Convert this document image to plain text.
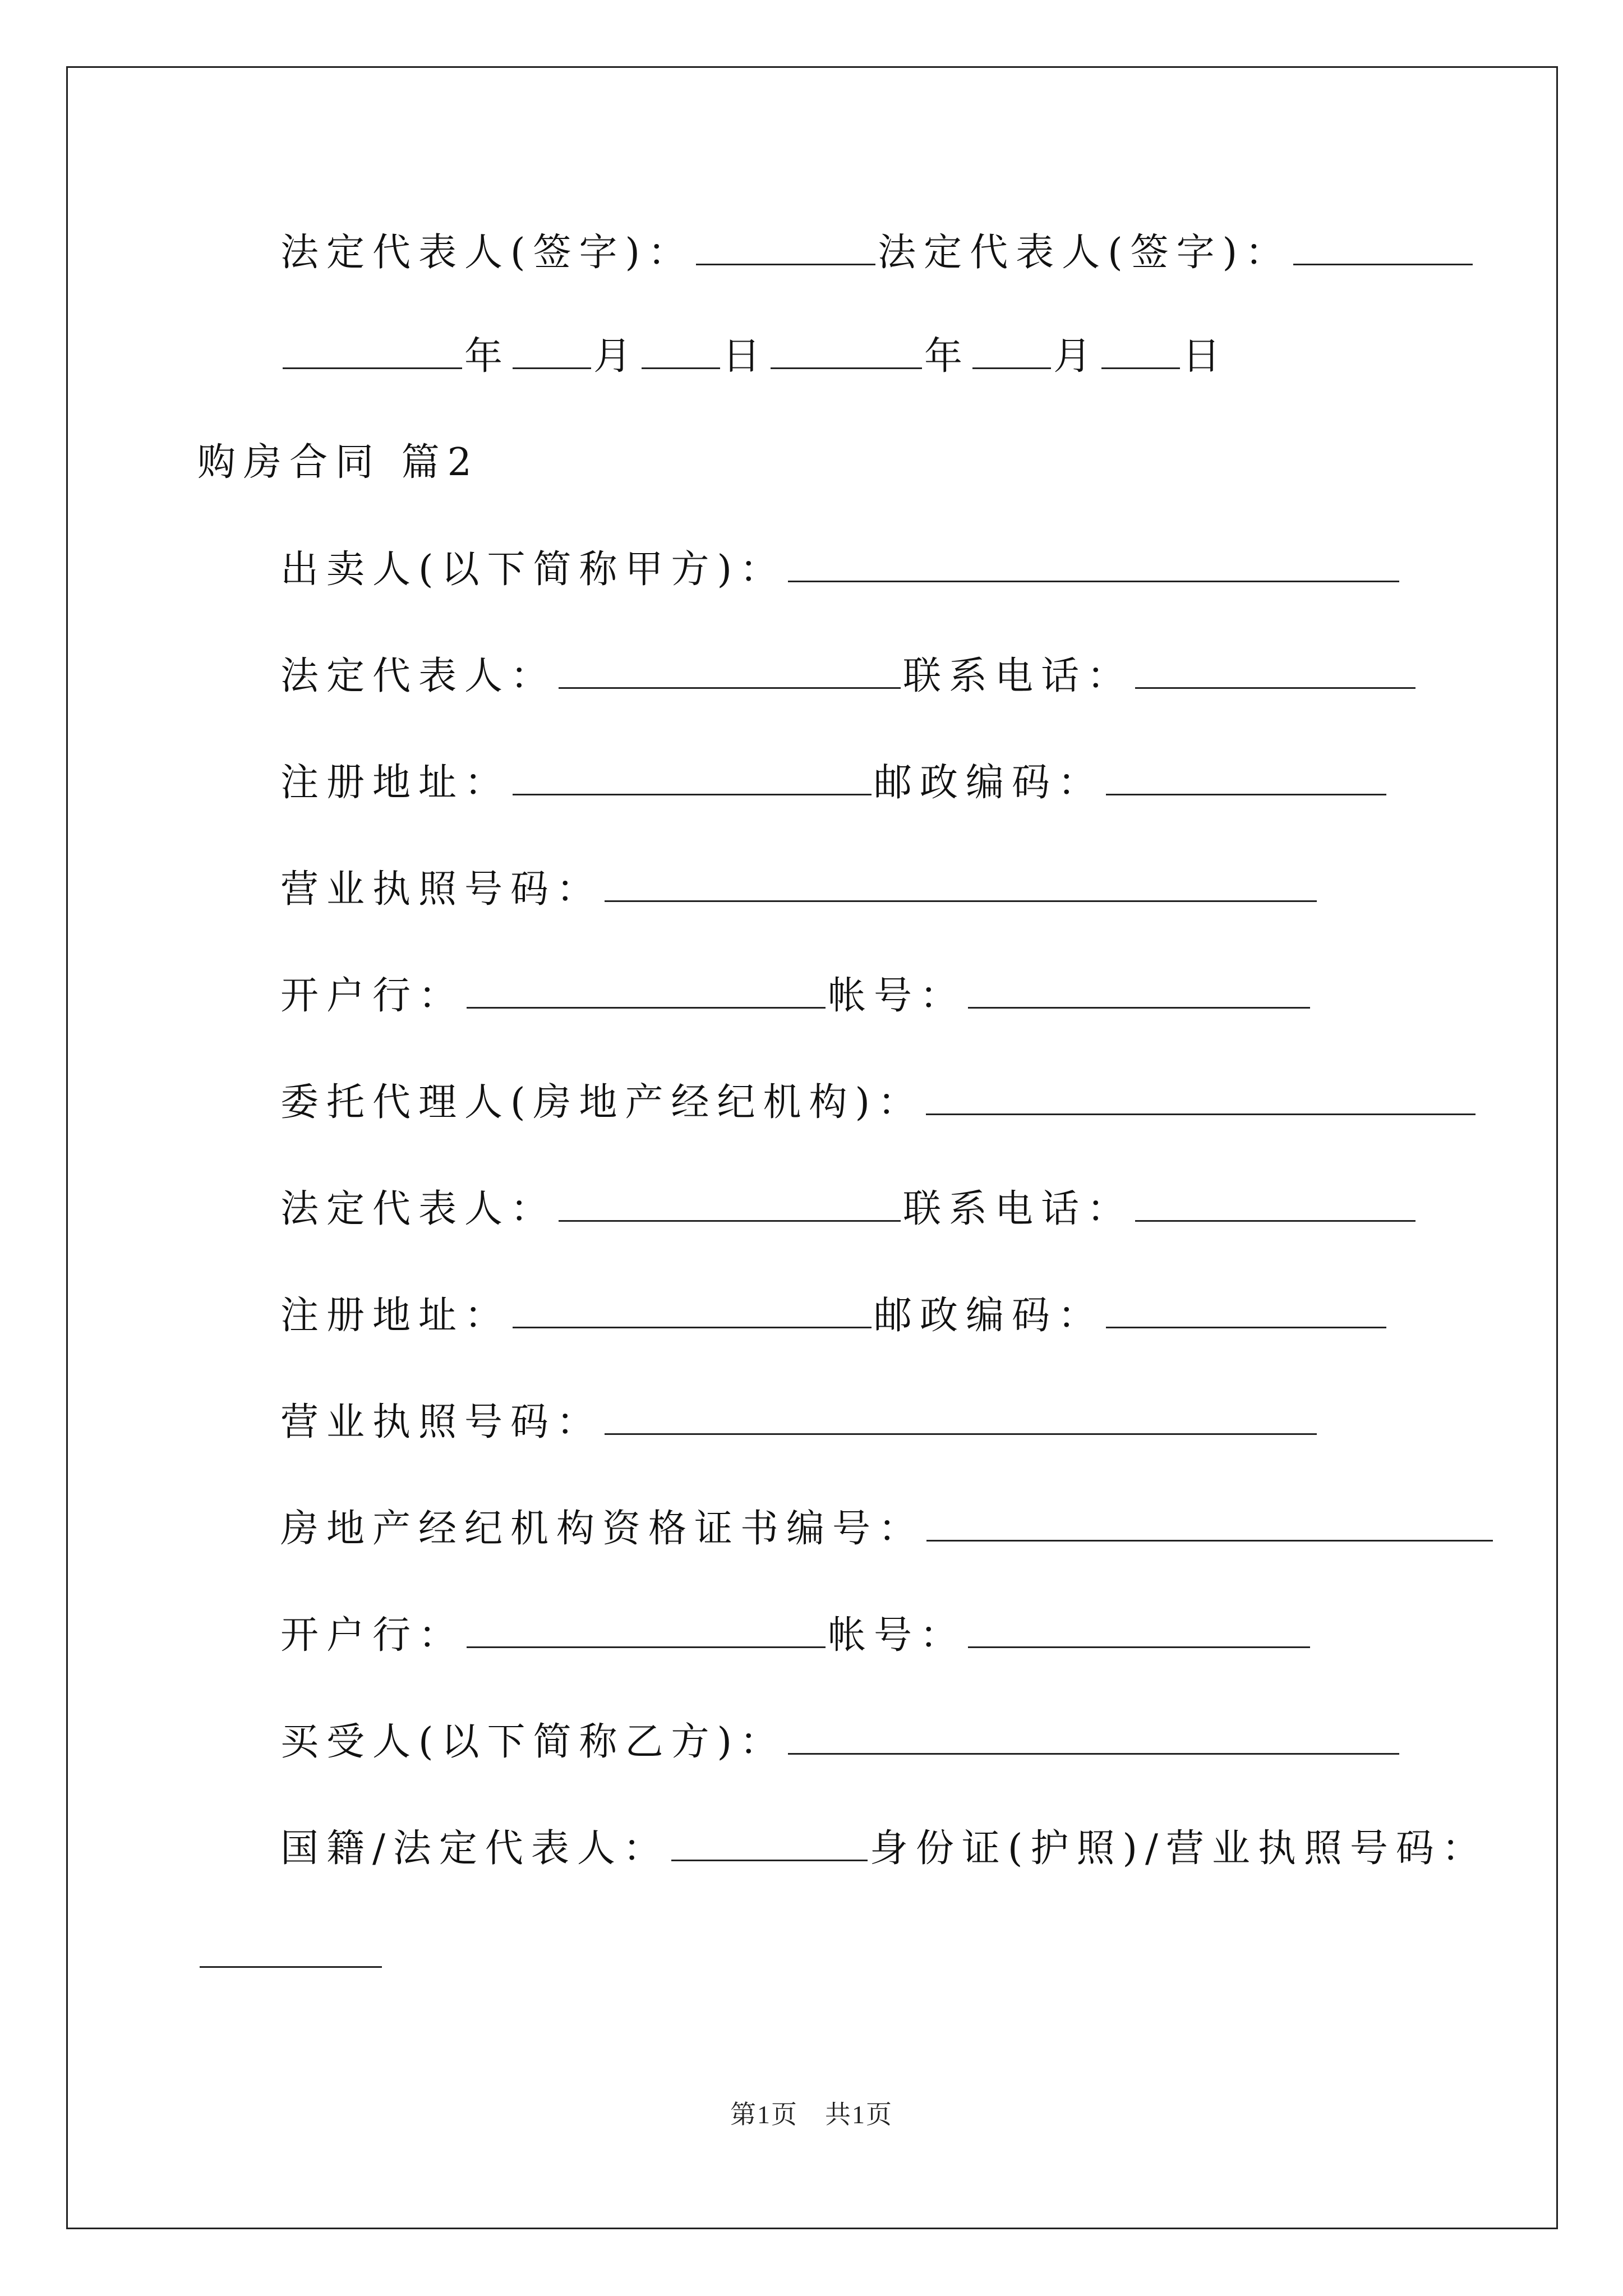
法定代表人(签字)：	法定代表人(签字)：
年 月 日	年 月 日
购房合同 篇2
出卖人(以下简称甲方)：
法定代表人：	联系电话：
注册地址：	邮政编码：
营业执照号码：
开户行：	帐号：
委托代理人(房地产经纪机构)：
法定代表人：	联系电话：
注册地址：	邮政编码：
营业执照号码：
房地产经纪机构资格证书编号：
开户行：	帐号：
买受人(以下简称乙方)：
国籍/法定代表人：	身份证(护照)/营业执照号码：
第1页　共1页
